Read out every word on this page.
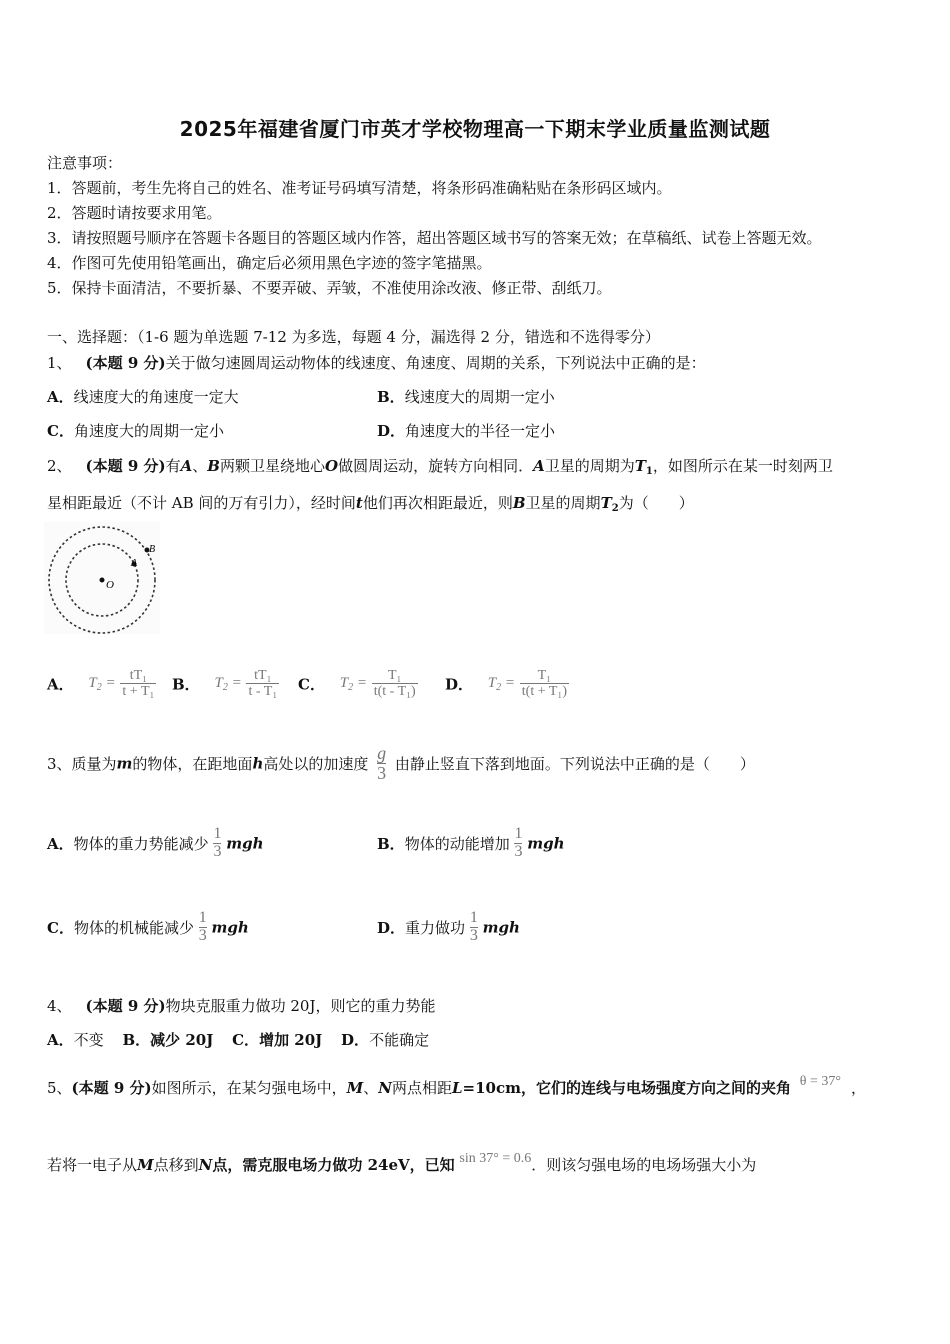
2025年福建省厦门市英才学校物理高一下期末学业质量监测试题
注意事项：
1．答题前，考生先将自己的姓名、准考证号码填写清楚，将条形码准确粘贴在条形码区域内。
2．答题时请按要求用笔。
3．请按照题号顺序在答题卡各题目的答题区域内作答，超出答题区域书写的答案无效；在草稿纸、试卷上答题无效。
4．作图可先使用铅笔画出，确定后必须用黑色字迹的签字笔描黑。
5．保持卡面清洁，不要折暴、不要弄破、弄皱，不准使用涂改液、修正带、刮纸刀。
一、选择题：（1-6 题为单选题 7-12 为多选，每题 4 分，漏选得 2 分，错选和不选得零分）
1、 (本题 9 分)关于做匀速圆周运动物体的线速度、角速度、周期的关系，下列说法中正确的是：
A．线速度大的角速度一定大	B．线速度大的周期一定小
C．角速度大的周期一定小	D．角速度大的半径一定小
2、 (本题 9 分)有A、B两颗卫星绕地心O做圆周运动，旋转方向相同．A卫星的周期为$T_1$，如图所示在某一时刻两卫
星相距最近（不计 AB 间的万有引力），经时间t他们再次相距最近，则B卫星的周期$T_2$为（　　）
O
A
B
A． $T_2 = \frac{\text{tT₁}}{\text{t + T₁}}$ B． $T_2 = \frac{\text{tT₁}}{\text{t - T₁}}$ C． $T_2 = \frac{\text{T₁}}{\text{t(t - T₁)}}$ D． $T_2 = \frac{\text{T₁}}{\text{t(t + T₁)}}$
3、质量为m的物体，在距地面h高处以的加速度 $\frac{g}{3}$ 由静止竖直下落到地面。下列说法中正确的是（　　）
A．物体的重力势能减少 $\frac{1}{3}$ mgh	B．物体的动能增加 $\frac{1}{3}$ mgh
C．物体的机械能减少 $\frac{1}{3}$ mgh	D．重力做功 $\frac{1}{3}$ mgh
4、 (本题 9 分)物块克服重力做功 20J，则它的重力势能
A．不变 B．减少 20J C．增加 20J D．不能确定
5、(本题 9 分)如图所示，在某匀强电场中，M、N两点相距L=10cm，它们的连线与电场强度方向之间的夹角 θ = 37° ，
若将一电子从M点移到N点，需克服电场力做功 24eV，已知 sin 37° = 0.6．则该匀强电场的电场场强大小为
